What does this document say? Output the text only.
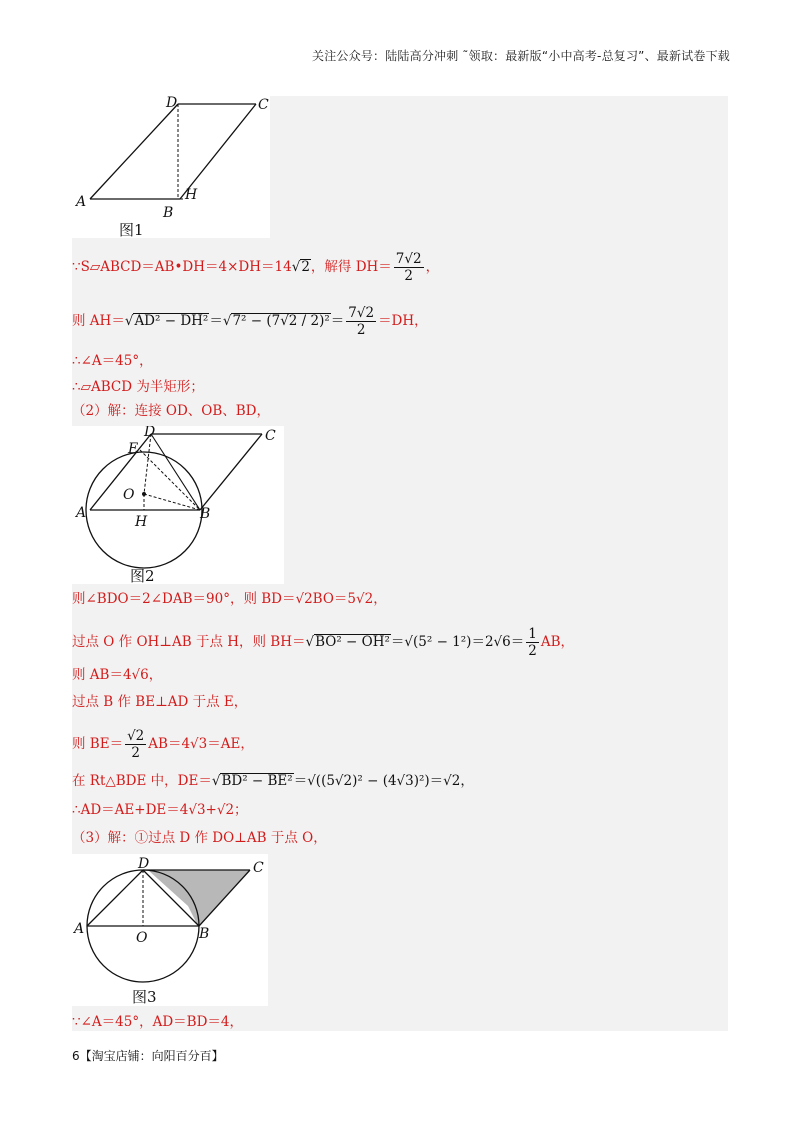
关注公众号：陆陆高分冲刺 ˜领取：最新版“小中高考-总复习”、最新试卷下载
A
B
C
D
H
图1
∵S▱ABCD＝AB•DH＝4×DH＝14√2，解得 $DH= \frac{7√2}{2}$ ，
则 $AH=√AD^2 - DH^2=√7^2 - (7√2 / 2)^2= \frac{7√2}{2} =DH$，
∴∠A＝45°，
∴▱ABCD 为半矩形；
（2）解：连接 OD、OB、BD，
A	B
C
D
E
O
H
图2
则∠BDO＝2∠DAB＝90°，则 BD＝√2BO＝5√2，
过点 O 作 OH⊥AB 于点 H，则 $BH=√BO^2 - OH^2=√(5^2 - 1^2)=2√6= \frac{1}{2}$ AB，
则 AB＝4√6，
过点 B 作 BE⊥AD 于点 E，
则 $BE= \frac{√2}{2} AB=4√3=AE$，
在 Rt△BDE 中，DE＝√BD² − BE²＝√((5√2)² − (4√3)²)＝√2，
∴AD＝AE+DE＝4√3+√2；
（3）解：①过点 D 作 DO⊥AB 于点 O，
A	B
C
D
O
图3
∵∠A＝45°，AD＝BD＝4，
6【淘宝店铺：向阳百分百】
